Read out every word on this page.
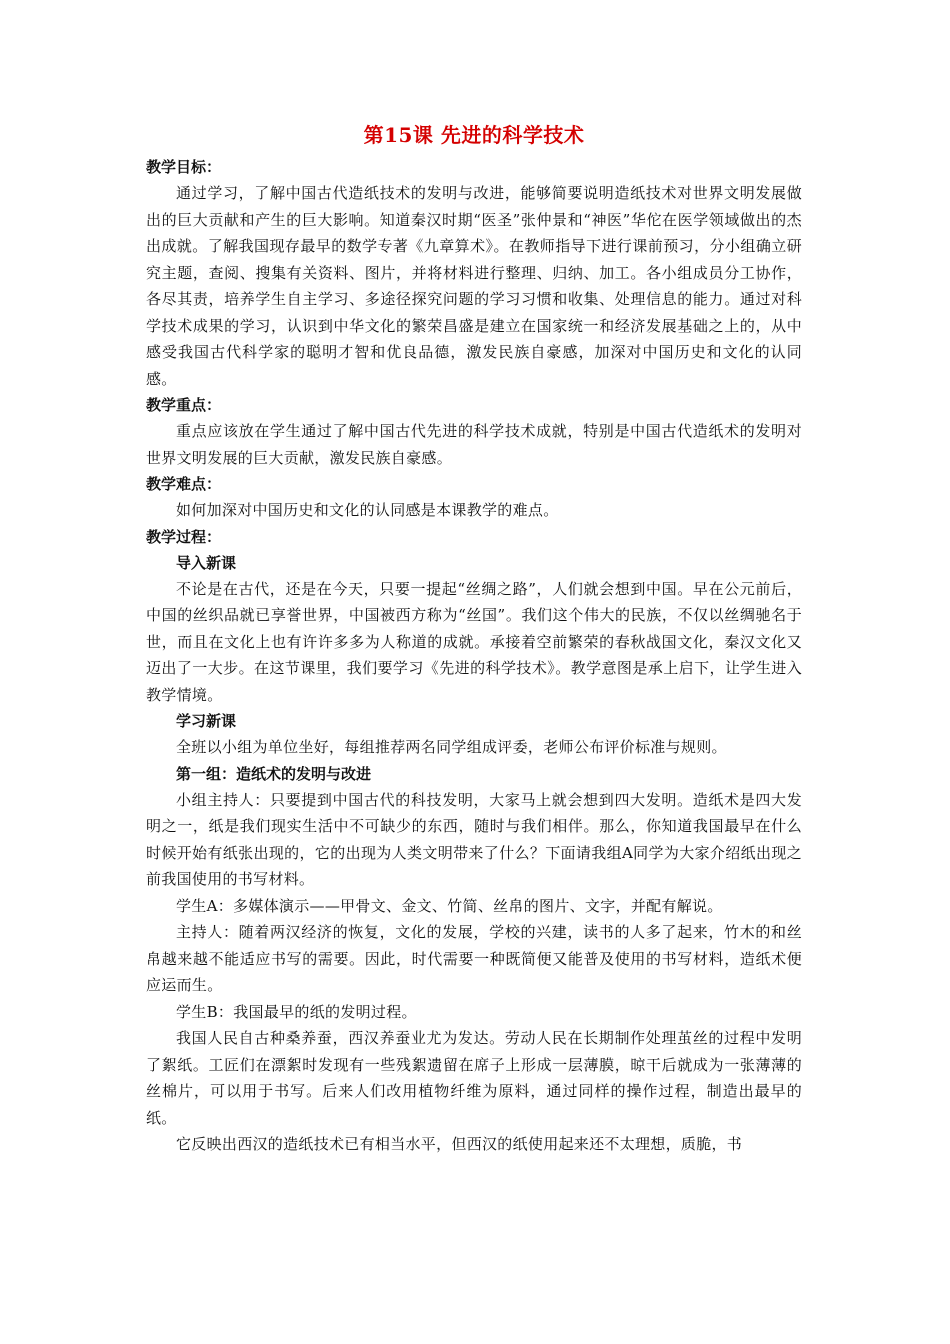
第15课 先进的科学技术
教学目标：

通过学习，了解中国古代造纸技术的发明与改进，能够简要说明造纸技术对世界文明发展做出的巨大贡献和产生的巨大影响。知道秦汉时期“医圣”张仲景和“神医”华佗在医学领域做出的杰出成就。了解我国现存最早的数学专著《九章算术》。在教师指导下进行课前预习，分小组确立研究主题，查阅、搜集有关资料、图片，并将材料进行整理、归纳、加工。各小组成员分工协作，各尽其责，培养学生自主学习、多途径探究问题的学习习惯和收集、处理信息的能力。通过对科学技术成果的学习，认识到中华文化的繁荣昌盛是建立在国家统一和经济发展基础之上的，从中感受我国古代科学家的聪明才智和优良品德，激发民族自豪感，加深对中国历史和文化的认同感。

教学重点：

重点应该放在学生通过了解中国古代先进的科学技术成就，特别是中国古代造纸术的发明对世界文明发展的巨大贡献，激发民族自豪感。

教学难点：

如何加深对中国历史和文化的认同感是本课教学的难点。

教学过程：
导入新课

不论是在古代，还是在今天，只要一提起“丝绸之路”，人们就会想到中国。早在公元前后，中国的丝织品就已享誉世界，中国被西方称为“丝国”。我们这个伟大的民族，不仅以丝绸驰名于世，而且在文化上也有许许多多为人称道的成就。承接着空前繁荣的春秋战国文化，秦汉文化又迈出了一大步。在这节课里，我们要学习《先进的科学技术》。教学意图是承上启下，让学生进入教学情境。

学习新课

全班以小组为单位坐好，每组推荐两名同学组成评委，老师公布评价标准与规则。

第一组：造纸术的发明与改进

小组主持人：只要提到中国古代的科技发明，大家马上就会想到四大发明。造纸术是四大发明之一，纸是我们现实生活中不可缺少的东西，随时与我们相伴。那么，你知道我国最早在什么时候开始有纸张出现的，它的出现为人类文明带来了什么？下面请我组A同学为大家介绍纸出现之前我国使用的书写材料。

学生A：多媒体演示——甲骨文、金文、竹简、丝帛的图片、文字，并配有解说。

主持人：随着两汉经济的恢复，文化的发展，学校的兴建，读书的人多了起来，竹木的和丝帛越来越不能适应书写的需要。因此，时代需要一种既简便又能普及使用的书写材料，造纸术便应运而生。

学生B：我国最早的纸的发明过程。

我国人民自古种桑养蚕，西汉养蚕业尤为发达。劳动人民在长期制作处理茧丝的过程中发明了絮纸。工匠们在漂絮时发现有一些残絮遗留在席子上形成一层薄膜，晾干后就成为一张薄薄的丝棉片，可以用于书写。后来人们改用植物纤维为原料，通过同样的操作过程，制造出最早的纸。

它反映出西汉的造纸技术已有相当水平，但西汉的纸使用起来还不太理想，质脆，书
